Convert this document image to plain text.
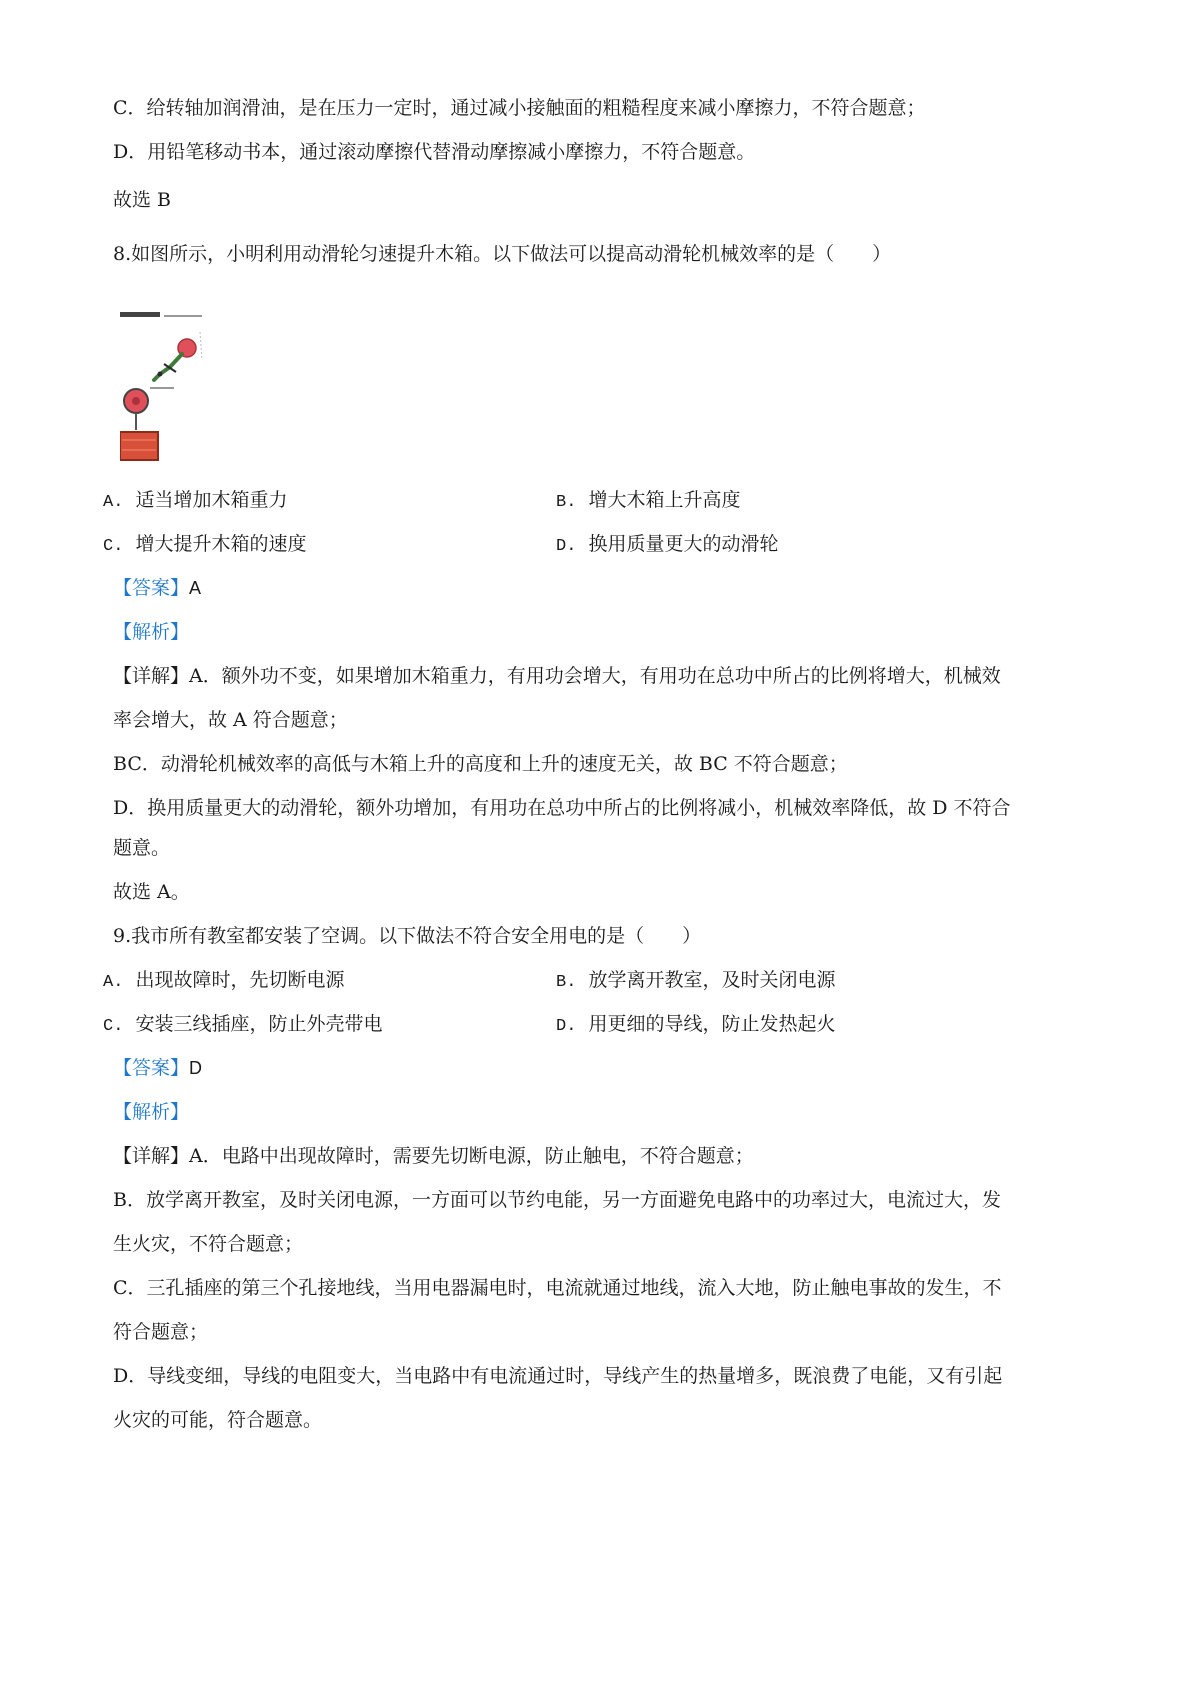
C．给转轴加润滑油，是在压力一定时，通过减小接触面的粗糙程度来减小摩擦力，不符合题意；
D．用铅笔移动书本，通过滚动摩擦代替滑动摩擦减小摩擦力，不符合题意。
故选 B
8.如图所示，小明利用动滑轮匀速提升木箱。以下做法可以提高动滑轮机械效率的是（　　）
A. 适当增加木箱重力	B. 增大木箱上升高度
C. 增大提升木箱的速度	D. 换用质量更大的动滑轮
【答案】A
【解析】
【详解】A．额外功不变，如果增加木箱重力，有用功会增大，有用功在总功中所占的比例将增大，机械效
率会增大，故 A 符合题意；
BC．动滑轮机械效率的高低与木箱上升的高度和上升的速度无关，故 BC 不符合题意；
D．换用质量更大的动滑轮，额外功增加，有用功在总功中所占的比例将减小，机械效率降低，故 D 不符合
题意。
故选 A。
9.我市所有教室都安装了空调。以下做法不符合安全用电的是（　　）
A. 出现故障时，先切断电源	B. 放学离开教室，及时关闭电源
C. 安装三线插座，防止外壳带电	D. 用更细的导线，防止发热起火
【答案】D
【解析】
【详解】A．电路中出现故障时，需要先切断电源，防止触电，不符合题意；
B．放学离开教室，及时关闭电源，一方面可以节约电能，另一方面避免电路中的功率过大，电流过大，发
生火灾，不符合题意；
C．三孔插座的第三个孔接地线，当用电器漏电时，电流就通过地线，流入大地，防止触电事故的发生，不
符合题意；
D．导线变细，导线的电阻变大，当电路中有电流通过时，导线产生的热量增多，既浪费了电能，又有引起
火灾的可能，符合题意。
